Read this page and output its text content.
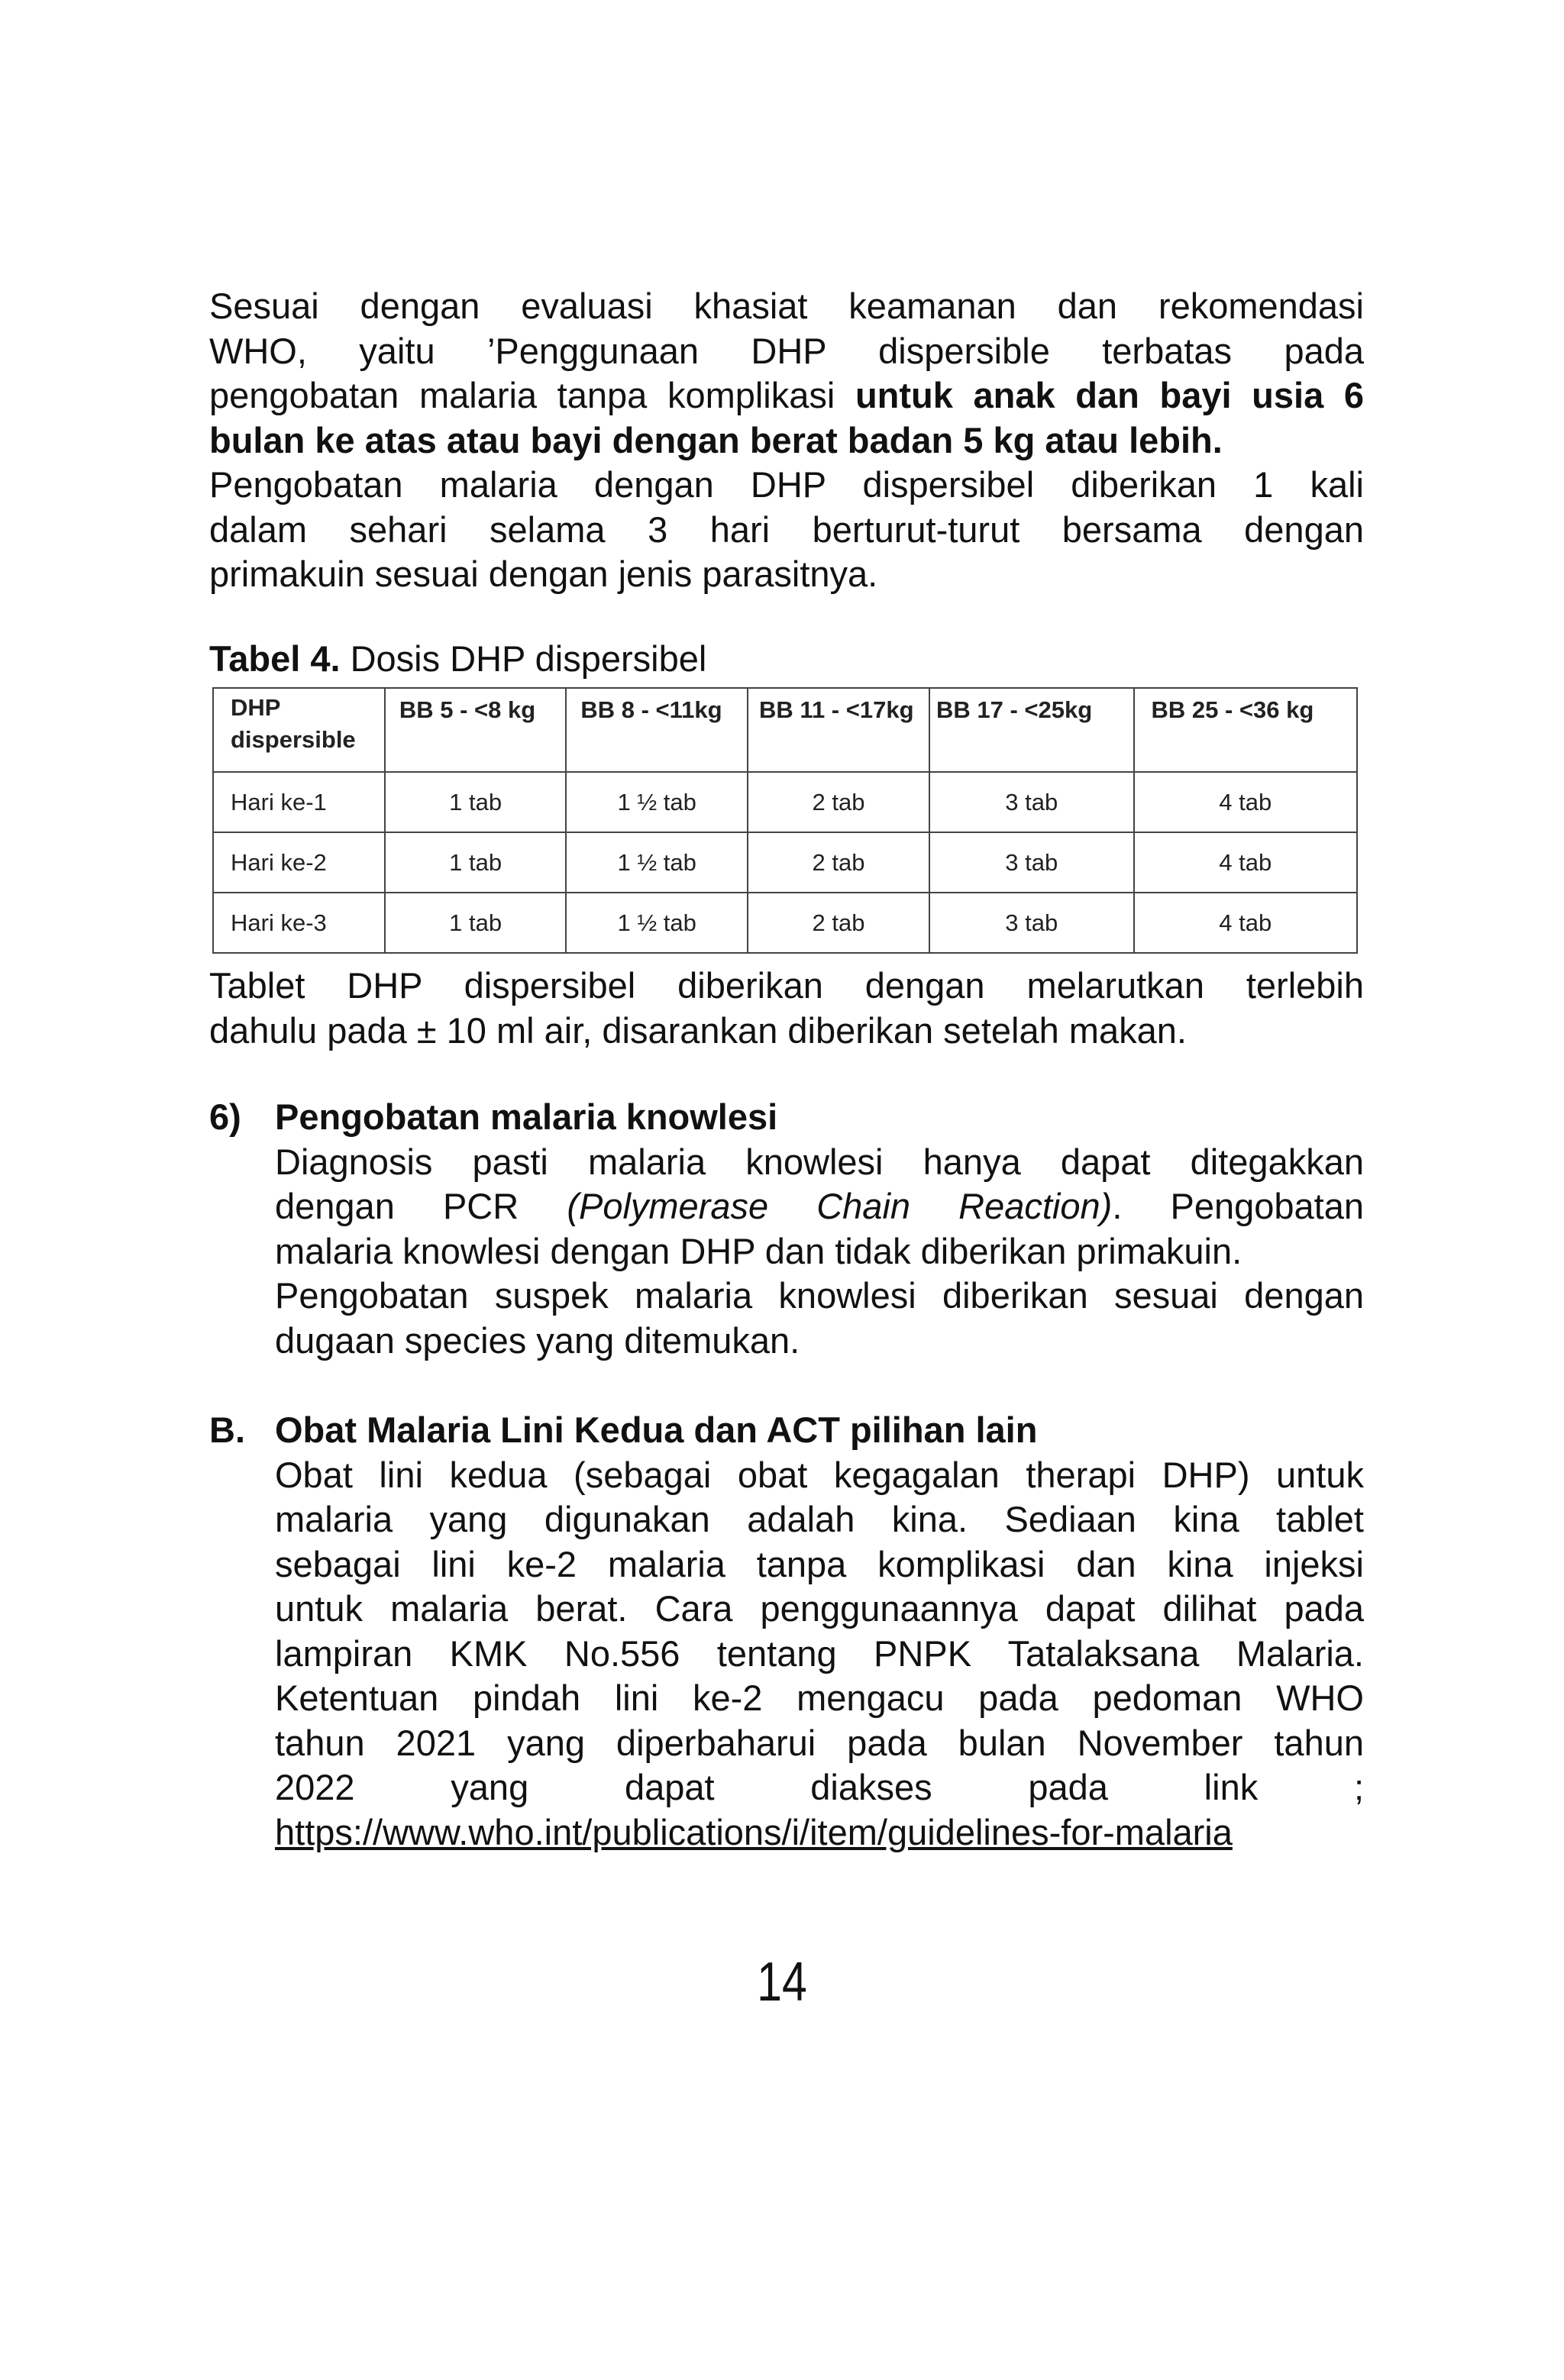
Sesuai dengan evaluasi khasiat keamanan dan rekomendasi
WHO, yaitu ’Penggunaan DHP dispersible terbatas pada
pengobatan malaria tanpa komplikasi untuk anak dan bayi usia 6
bulan ke atas atau bayi dengan berat badan 5 kg atau lebih.
Pengobatan malaria dengan DHP dispersibel diberikan 1 kali
dalam sehari selama 3 hari berturut-turut bersama dengan
primakuin sesuai dengan jenis parasitnya.
Tabel 4. Dosis DHP dispersibel
DHP dispersible	BB 5 - <8 kg	BB 8 - <11kg	BB 11 - <17kg	BB 17 - <25kg	BB 25 - <36 kg
Hari ke-1	1 tab	1 ½ tab	2 tab	3 tab	4 tab
Hari ke-2	1 tab	1 ½ tab	2 tab	3 tab	4 tab
Hari ke-3	1 tab	1 ½ tab	2 tab	3 tab	4 tab
Tablet DHP dispersibel diberikan dengan melarutkan terlebih
dahulu pada ± 10 ml air, disarankan diberikan setelah makan.
6) Pengobatan malaria knowlesi
Diagnosis pasti malaria knowlesi hanya dapat ditegakkan
dengan PCR (Polymerase Chain Reaction). Pengobatan
malaria knowlesi dengan DHP dan tidak diberikan primakuin.
Pengobatan suspek malaria knowlesi diberikan sesuai dengan
dugaan species yang ditemukan.
B. Obat Malaria Lini Kedua dan ACT pilihan lain
Obat lini kedua (sebagai obat kegagalan therapi DHP) untuk
malaria yang digunakan adalah kina. Sediaan kina tablet
sebagai lini ke-2 malaria tanpa komplikasi dan kina injeksi
untuk malaria berat. Cara penggunaannya dapat dilihat pada
lampiran KMK No.556 tentang PNPK Tatalaksana Malaria.
Ketentuan pindah lini ke-2 mengacu pada pedoman WHO
tahun 2021 yang diperbaharui pada bulan November tahun
2022 yang dapat diakses pada link ;
https://www.who.int/publications/i/item/guidelines-for-malaria
14
